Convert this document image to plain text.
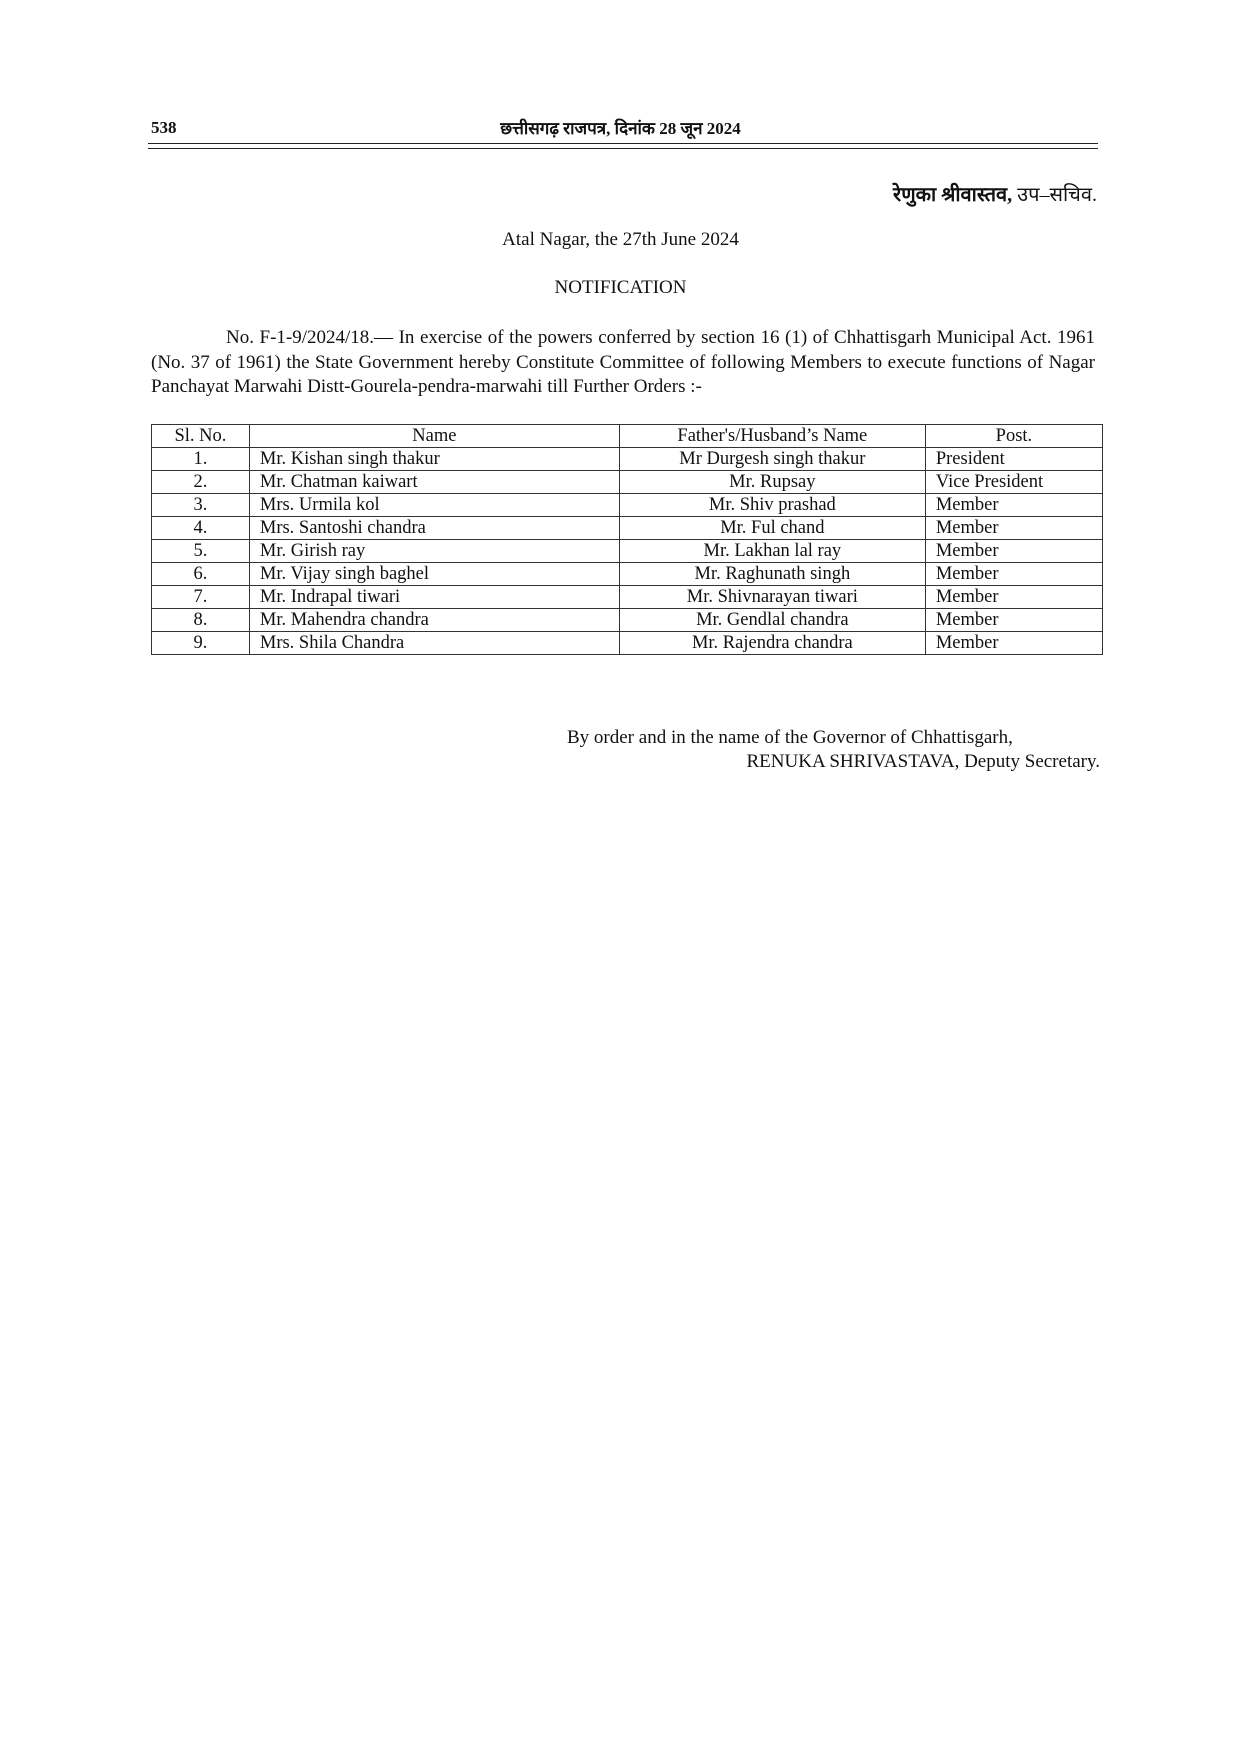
538	छत्तीसगढ़ राजपत्र, दिनांक 28 जून 2024
रेणुका श्रीवास्तव, उप–सचिव.
Atal Nagar, the 27th June 2024
NOTIFICATION

No. F-1-9/2024/18.— In exercise of the powers conferred by section 16 (1) of Chhattisgarh Municipal Act. 1961 (No. 37 of 1961) the State Government hereby Constitute Committee of following Members to execute functions of Nagar Panchayat Marwahi Distt-Gourela-pendra-marwahi till Further Orders :-

Sl. No.	Name	Father's/Husband’s Name	Post.
1.	Mr. Kishan singh thakur	Mr Durgesh singh thakur	President
2.	Mr. Chatman kaiwart	Mr. Rupsay	Vice President
3.	Mrs. Urmila kol	Mr. Shiv prashad	Member
4.	Mrs. Santoshi chandra	Mr. Ful chand	Member
5.	Mr. Girish ray	Mr. Lakhan lal ray	Member
6.	Mr. Vijay singh baghel	Mr. Raghunath singh	Member
7.	Mr. Indrapal tiwari	Mr. Shivnarayan tiwari	Member
8.	Mr. Mahendra chandra	Mr. Gendlal chandra	Member
9.	Mrs. Shila Chandra	Mr. Rajendra chandra	Member
By order and in the name of the Governor of Chhattisgarh,
RENUKA SHRIVASTAVA, Deputy Secretary.
